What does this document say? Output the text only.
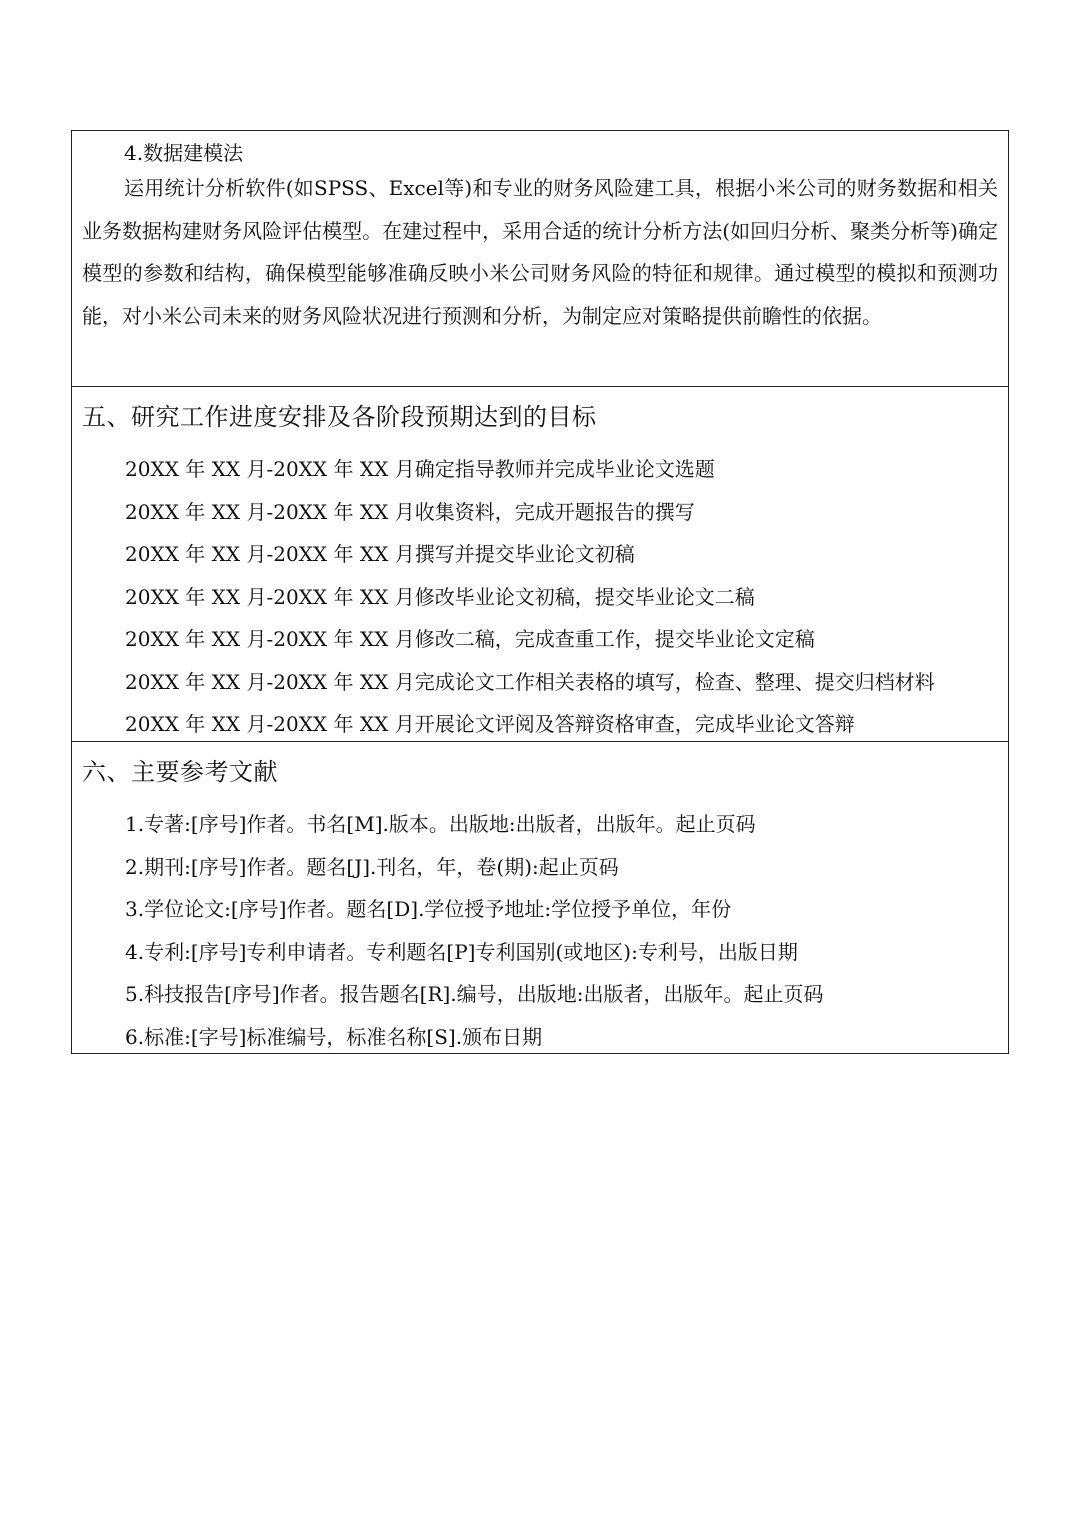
4.数据建模法

运用统计分析软件(如SPSS、Excel等)和专业的财务风险建工具，根据小米公司的财务数据和相关业务数据构建财务风险评估模型。在建过程中，采用合适的统计分析方法(如回归分析、聚类分析等)确定模型的参数和结构，确保模型能够准确反映小米公司财务风险的特征和规律。通过模型的模拟和预测功能，对小米公司未来的财务风险状况进行预测和分析，为制定应对策略提供前瞻性的依据。

五、研究工作进度安排及各阶段预期达到的目标
20XX 年 XX 月-20XX 年 XX 月确定指导教师并完成毕业论文选题
20XX 年 XX 月-20XX 年 XX 月收集资料，完成开题报告的撰写
20XX 年 XX 月-20XX 年 XX 月撰写并提交毕业论文初稿
20XX 年 XX 月-20XX 年 XX 月修改毕业论文初稿，提交毕业论文二稿
20XX 年 XX 月-20XX 年 XX 月修改二稿，完成查重工作，提交毕业论文定稿
20XX 年 XX 月-20XX 年 XX 月完成论文工作相关表格的填写，检查、整理、提交归档材料
20XX 年 XX 月-20XX 年 XX 月开展论文评阅及答辩资格审查，完成毕业论文答辩
六、主要参考文献
1.专著:[序号]作者。书名[M].版本。出版地:出版者，出版年。起止页码
2.期刊:[序号]作者。题名[J].刊名，年，卷(期):起止页码
3.学位论文:[序号]作者。题名[D].学位授予地址:学位授予单位，年份
4.专利:[序号]专利申请者。专利题名[P]专利国别(或地区):专利号，出版日期
5.科技报告[序号]作者。报告题名[R].编号，出版地:出版者，出版年。起止页码
6.标准:[字号]标准编号，标准名称[S].颁布日期
